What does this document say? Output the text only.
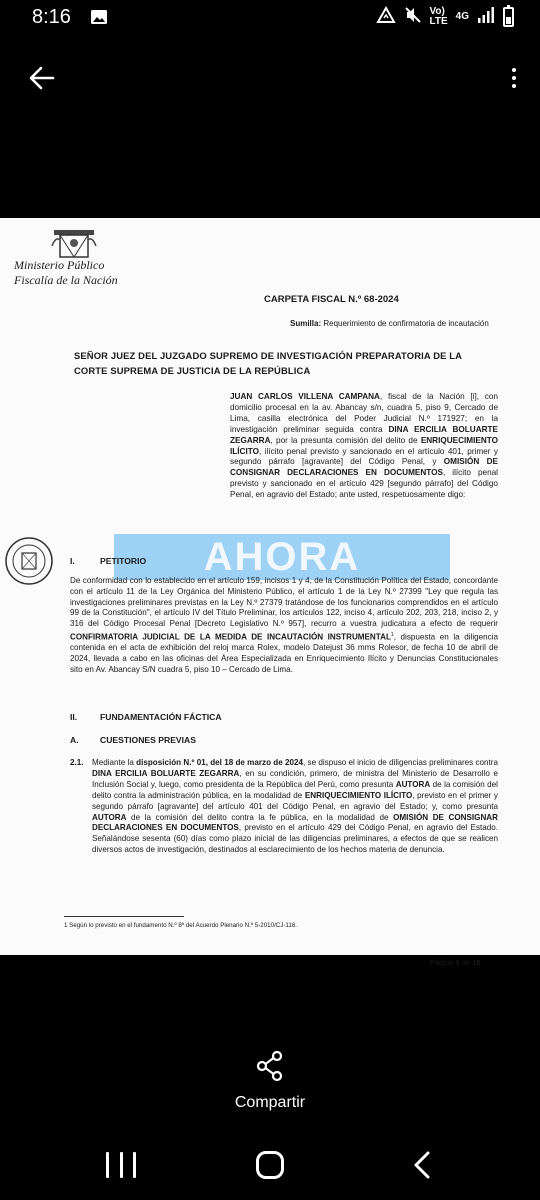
8:16	Vo)
LTE 4G
Ministerio Público
Fiscalía de la Nación
CARPETA FISCAL N.º 68-2024
Sumilla: Requerimiento de confirmatoria de incautación
SEÑOR JUEZ DEL JUZGADO SUPREMO DE INVESTIGACIÓN PREPARATORIA DE LA CORTE SUPREMA DE JUSTICIA DE LA REPÚBLICA
JUAN CARLOS VILLENA CAMPANA, fiscal de la Nación [i], con domicilio procesal en la av. Abancay s/n, cuadra 5, piso 9, Cercado de Lima, casilla electrónica del Poder Judicial N.º 171927; en la investigación preliminar seguida contra DINA ERCILIA BOLUARTE ZEGARRA, por la presunta comisión del delito de ENRIQUECIMIENTO ILÍCITO, ilícito penal previsto y sancionado en el artículo 401, primer y segundo párrafo [agravante] del Código Penal, y OMISIÓN DE CONSIGNAR DECLARACIONES EN DOCUMENTOS, ilícito penal previsto y sancionado en el artículo 429 [segundo párrafo] del Código Penal, en agravio del Estado; ante usted, respetuosamente digo:
AHORA
I.	PETITORIO
De conformidad con lo establecido en el artículo 159, incisos 1 y 4, de la Constitución Política del Estado, concordante con el artículo 11 de la Ley Orgánica del Ministerio Público, el artículo 1 de la Ley N.º 27399 "Ley que regula las investigaciones preliminares previstas en la Ley N.º 27379 tratándose de los funcionarios comprendidos en el artículo 99 de la Constitución", el artículo IV del Título Preliminar, los artículos 122, inciso 4, artículo 202, 203, 218, inciso 2, y 316 del Código Procesal Penal [Decreto Legislativo N.º 957], recurro a vuestra judicatura a efecto de requerir CONFIRMATORIA JUDICIAL DE LA MEDIDA DE INCAUTACIÓN INSTRUMENTAL$^1$, dispuesta en la diligencia contenida en el acta de exhibición del reloj marca Rolex, modelo Datejust 36 mms Rolesor, de fecha 10 de abril de 2024, llevada a cabo en las oficinas del Área Especializada en Enriquecimiento Ilícito y Denuncias Constitucionales sito en Av. Abancay S/N cuadra 5, piso 10 – Cercado de Lima.
II.	FUNDAMENTACIÓN FÁCTICA
A. CUESTIONES PREVIAS
2.1. Mediante la disposición N.º 01, del 18 de marzo de 2024, se dispuso el inicio de diligencias preliminares contra DINA ERCILIA BOLUARTE ZEGARRA, en su condición, primero, de ministra del Ministerio de Desarrollo e Inclusión Social y, luego, como presidenta de la República del Perú, como presunta AUTORA de la comisión del delito contra la administración pública, en la modalidad de ENRIQUECIMIENTO ILÍCITO, previsto en el primer y segundo párrafo [agravante] del artículo 401 del Código Penal, en agravio del Estado; y, como presunta AUTORA de la comisión del delito contra la fe pública, en la modalidad de OMISIÓN DE CONSIGNAR DECLARACIONES EN DOCUMENTOS, previsto en el artículo 429 del Código Penal, en agravio del Estado. Señalándose sesenta (60) días como plazo inicial de las diligencias preliminares, a efectos de que se realicen diversos actos de investigación, destinados al esclarecimiento de los hechos materia de denuncia.
1 Según lo previsto en el fundamento N.º 8º del Acuerdo Plenario N.º 5-2010/CJ-116.
Página 1 de 18
Compartir
